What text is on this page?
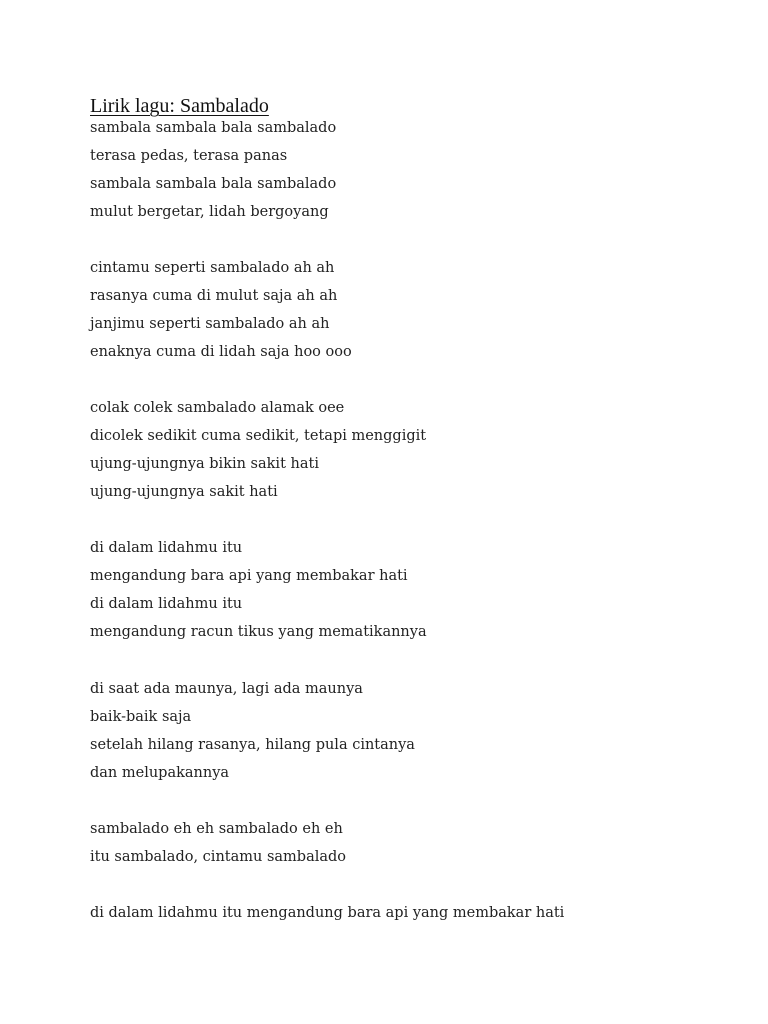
Lirik lagu: Sambalado

sambala sambala bala sambalado

terasa pedas, terasa panas

sambala sambala bala sambalado

mulut bergetar, lidah bergoyang

cintamu seperti sambalado ah ah

rasanya cuma di mulut saja ah ah

janjimu seperti sambalado ah ah

enaknya cuma di lidah saja hoo ooo

colak colek sambalado alamak oee

dicolek sedikit cuma sedikit, tetapi menggigit

ujung-ujungnya bikin sakit hati

ujung-ujungnya sakit hati

di dalam lidahmu itu

mengandung bara api yang membakar hati

di dalam lidahmu itu

mengandung racun tikus yang mematikannya

di saat ada maunya, lagi ada maunya

baik-baik saja

setelah hilang rasanya, hilang pula cintanya

dan melupakannya

sambalado eh eh sambalado eh eh

itu sambalado, cintamu sambalado

di dalam lidahmu itu mengandung bara api yang membakar hati
